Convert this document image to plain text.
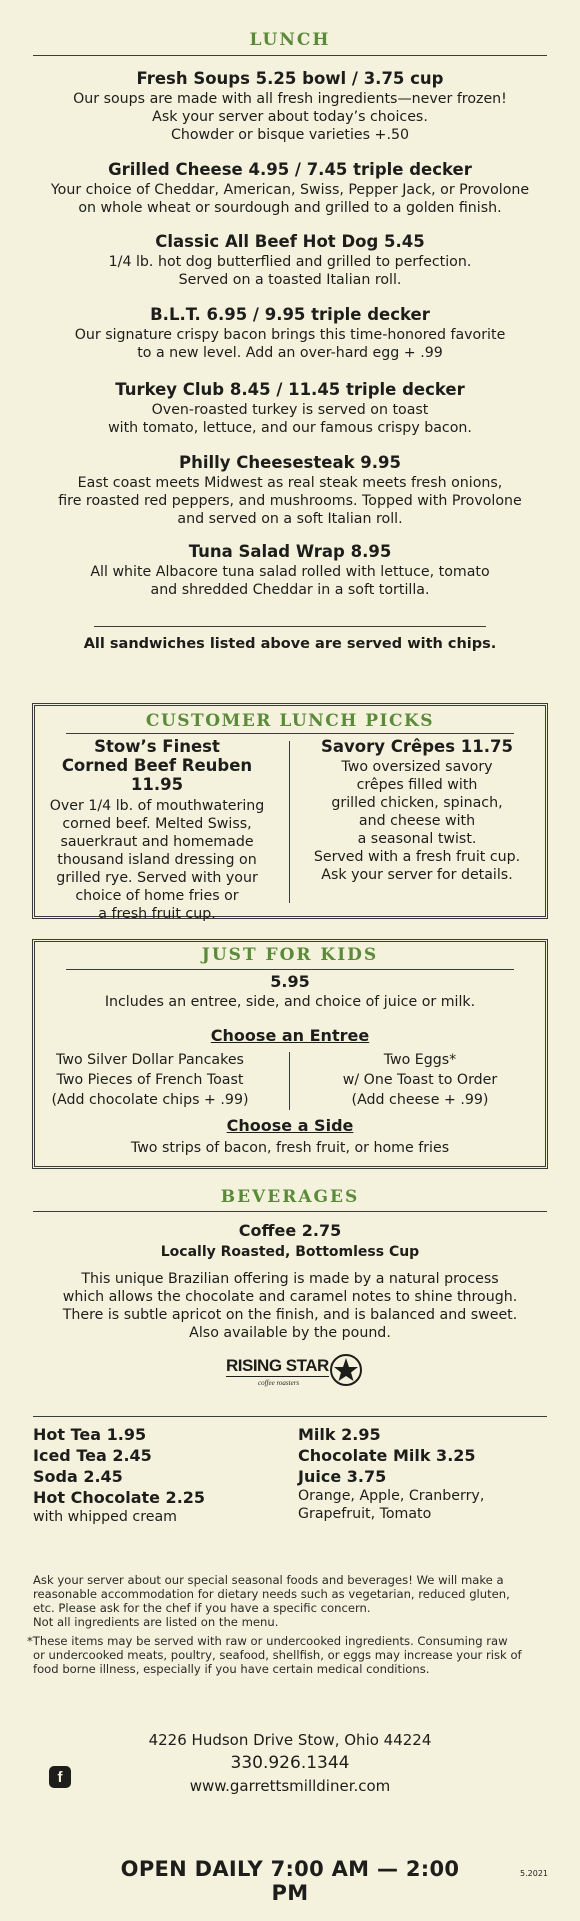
LUNCH

Fresh Soups 5.25 bowl / 3.75 cup

Our soups are made with all fresh ingredients—never frozen!

Ask your server about today’s choices.

Chowder or bisque varieties +.50

Grilled Cheese 4.95 / 7.45 triple decker

Your choice of Cheddar, American, Swiss, Pepper Jack, or Provolone

on whole wheat or sourdough and grilled to a golden finish.

Classic All Beef Hot Dog 5.45

1/4 lb. hot dog butterflied and grilled to perfection.

Served on a toasted Italian roll.

B.L.T. 6.95 / 9.95 triple decker

Our signature crispy bacon brings this time-honored favorite

to a new level. Add an over-hard egg + .99

Turkey Club 8.45 / 11.45 triple decker

Oven-roasted turkey is served on toast

with tomato, lettuce, and our famous crispy bacon.

Philly Cheesesteak 9.95

East coast meets Midwest as real steak meets fresh onions,

fire roasted red peppers, and mushrooms. Topped with Provolone

and served on a soft Italian roll.

Tuna Salad Wrap 8.95

All white Albacore tuna salad rolled with lettuce, tomato

and shredded Cheddar in a soft tortilla.

All sandwiches listed above are served with chips.
CUSTOMER LUNCH PICKS
Stow’s Finest
Corned Beef Reuben 11.95
Over 1/4 lb. of mouthwatering
corned beef. Melted Swiss,
sauerkraut and homemade
thousand island dressing on
grilled rye. Served with your
choice of home fries or
a fresh fruit cup.
Savory Crêpes 11.75
Two oversized savory
crêpes filled with
grilled chicken, spinach,
and cheese with
a seasonal twist.
Served with a fresh fruit cup.
Ask your server for details.
JUST FOR KIDS
5.95
Includes an entree, side, and choice of juice or milk.
Choose an Entree
Two Silver Dollar Pancakes
Two Pieces of French Toast
(Add chocolate chips + .99)
Two Eggs*
w/ One Toast to Order
(Add cheese + .99)
Choose a Side
Two strips of bacon, fresh fruit, or home fries
BEVERAGES
Coffee 2.75
Locally Roasted, Bottomless Cup
This unique Brazilian offering is made by a natural process
which allows the chocolate and caramel notes to shine through.
There is subtle apricot on the finish, and is balanced and sweet.
Also available by the pound.
RISING STAR
coffee roasters
Hot Tea 1.95
Iced Tea 2.45
Soda 2.45
Hot Chocolate 2.25
with whipped cream
Milk 2.95
Chocolate Milk 3.25
Juice 3.75
Orange, Apple, Cranberry,
Grapefruit, Tomato
Ask your server about our special seasonal foods and beverages! We will make a
reasonable accommodation for dietary needs such as vegetarian, reduced gluten,
etc. Please ask for the chef if you have a specific concern.
Not all ingredients are listed on the menu.
*These items may be served with raw or undercooked ingredients. Consuming raw
or undercooked meats, poultry, seafood, shellfish, or eggs may increase your risk of
food borne illness, especially if you have certain medical conditions.
4226 Hudson Drive Stow, Ohio 44224
330.926.1344
www.garrettsmilldiner.com
f
OPEN DAILY 7:00 AM — 2:00 PM
5.2021
